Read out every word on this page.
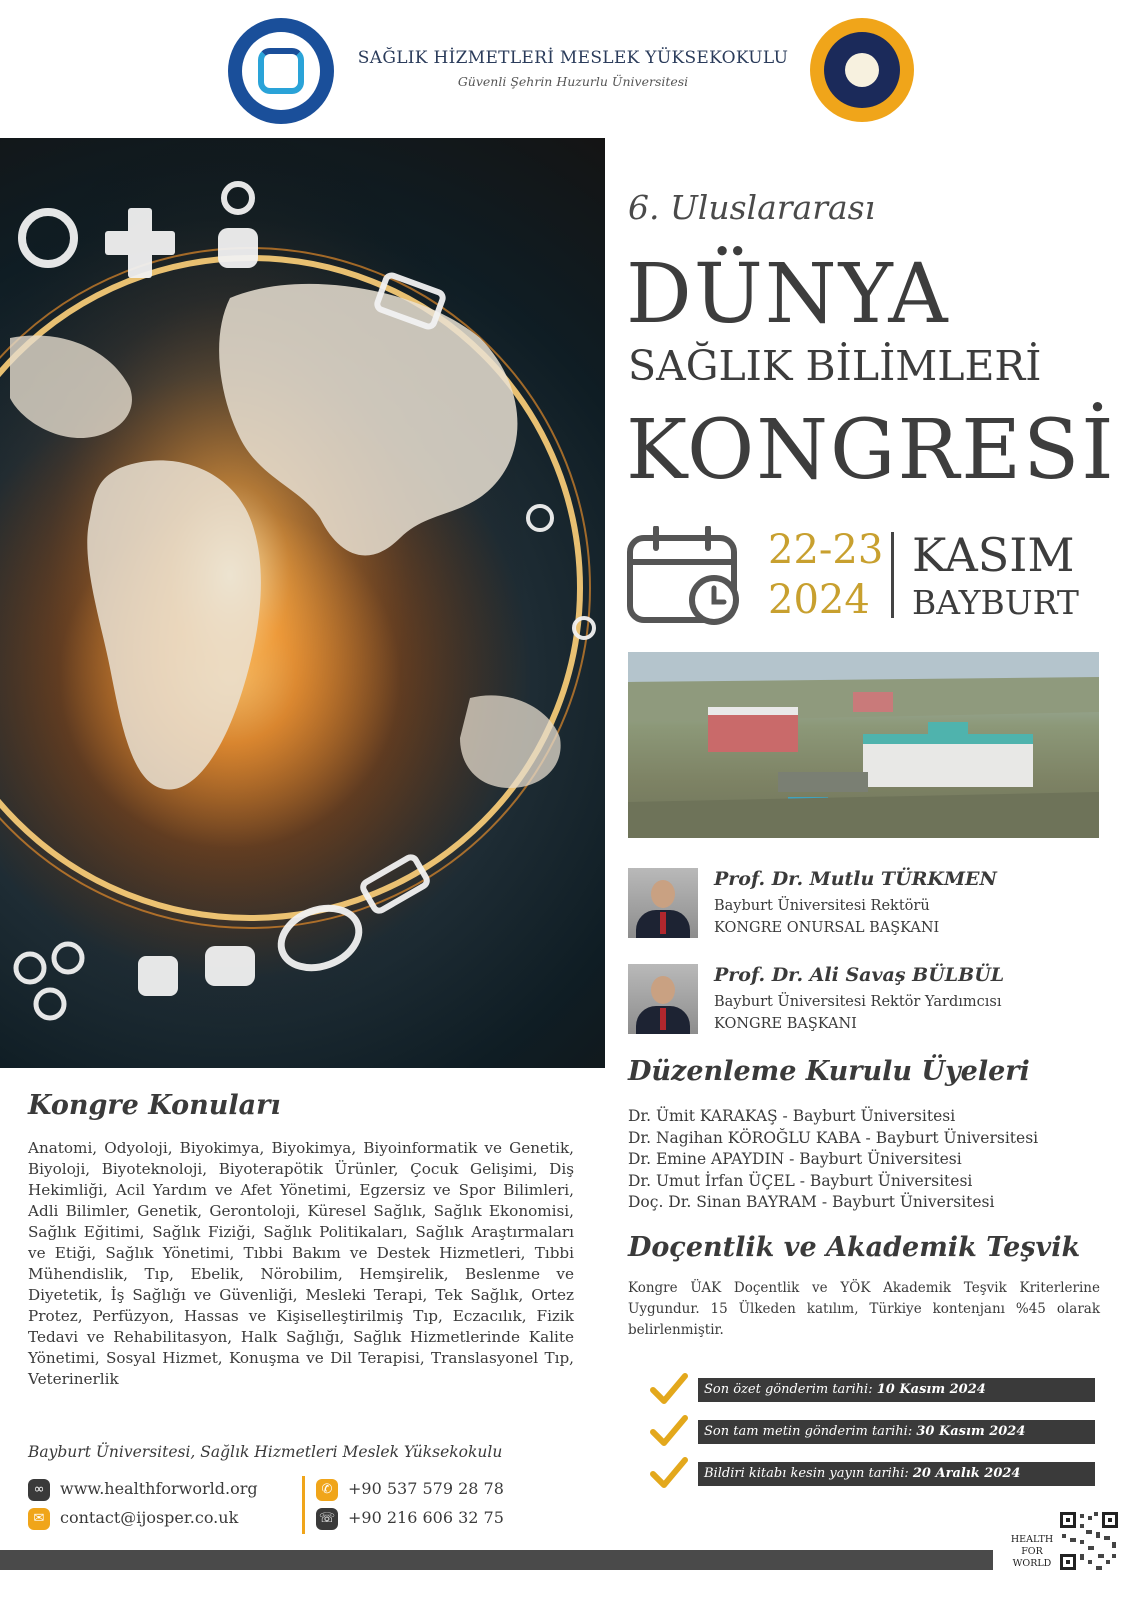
SAĞLIK HİZMETLERİ MESLEK YÜKSEKOKULU
Güvenli Şehrin Huzurlu Üniversitesi
6. Uluslararası
DÜNYA
SAĞLIK BİLİMLERİ
KONGRESİ
22-23
2024
KASIM
BAYBURT
Prof. Dr. Mutlu TÜRKMEN
Bayburt Üniversitesi Rektörü
KONGRE ONURSAL BAŞKANI
Prof. Dr. Ali Savaş BÜLBÜL
Bayburt Üniversitesi Rektör Yardımcısı
KONGRE BAŞKANI
Düzenleme Kurulu Üyeleri
Dr. Ümit KARAKAŞ - Bayburt Üniversitesi
Dr. Nagihan KÖROĞLU KABA - Bayburt Üniversitesi
Dr. Emine APAYDIN - Bayburt Üniversitesi
Dr. Umut İrfan ÜÇEL - Bayburt Üniversitesi
Doç. Dr. Sinan BAYRAM - Bayburt Üniversitesi
Doçentlik ve Akademik Teşvik
Kongre ÜAK Doçentlik ve YÖK Akademik Teşvik Kriterlerine Uygundur. 15 Ülkeden katılım, Türkiye kontenjanı %45 olarak belirlenmiştir.
Son özet gönderim tarihi: 10 Kasım 2024
Son tam metin gönderim tarihi: 30 Kasım 2024
Bildiri kitabı kesin yayın tarihi: 20 Aralık 2024
Kongre Konuları
Anatomi, Odyoloji, Biyokimya, Biyokimya, Biyoinformatik ve Genetik, Biyoloji, Biyoteknoloji, Biyoterapötik Ürünler, Çocuk Gelişimi, Diş Hekimliği, Acil Yardım ve Afet Yönetimi, Egzersiz ve Spor Bilimleri, Adli Bilimler, Genetik, Gerontoloji, Küresel Sağlık, Sağlık Ekonomisi, Sağlık Eğitimi, Sağlık Fiziği, Sağlık Politikaları, Sağlık Araştırmaları ve Etiği, Sağlık Yönetimi, Tıbbi Bakım ve Destek Hizmetleri, Tıbbi Mühendislik, Tıp, Ebelik, Nörobilim, Hemşirelik, Beslenme ve Diyetetik, İş Sağlığı ve Güvenliği, Mesleki Terapi, Tek Sağlık, Ortez Protez, Perfüzyon, Hassas ve Kişiselleştirilmiş Tıp, Eczacılık, Fizik Tedavi ve Rehabilitasyon, Halk Sağlığı, Sağlık Hizmetlerinde Kalite Yönetimi, Sosyal Hizmet, Konuşma ve Dil Terapisi, Translasyonel Tıp, Veterinerlik
Bayburt Üniversitesi, Sağlık Hizmetleri Meslek Yüksekokulu
∞ www.healthforworld.org
✉ contact@ijosper.co.uk
✆ +90 537 579 28 78
☏ +90 216 606 32 75
HEALTH
FOR
WORLD
